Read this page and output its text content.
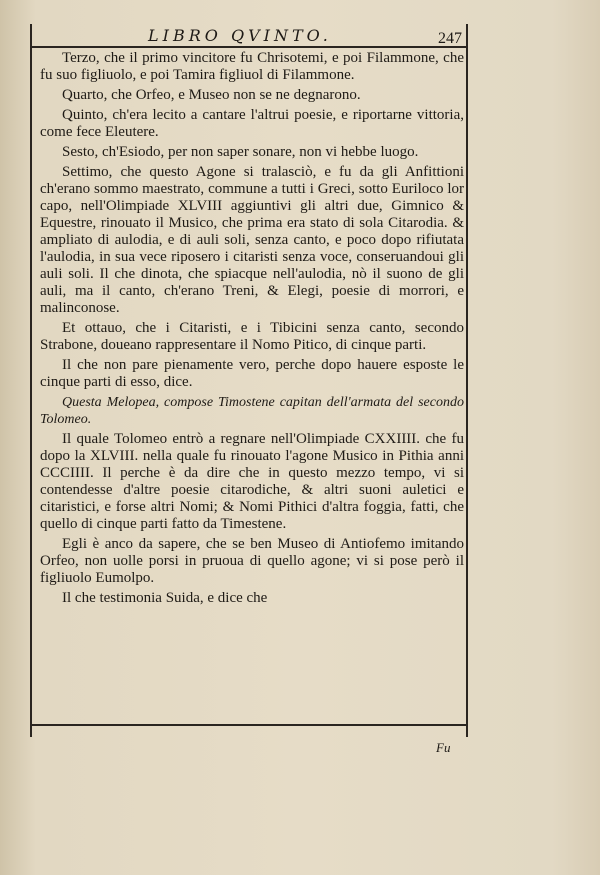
LIBRO QVINTO.	247

Terzo, che il primo vincitore fu Chrisotemi, e poi Filammone, che fu suo figliuolo, e poi Tamira figliuol di Filammone.

Quarto, che Orfeo, e Museo non se ne degnarono.

Quinto, ch'era lecito a cantare l'altrui poesie, e riportarne vittoria, come fece Eleutere.

Sesto, ch'Esiodo, per non saper sonare, non vi hebbe luogo.

Settimo, che questo Agone si tralasciò, e fu da gli Anfittioni ch'erano sommo maestrato, commune a tutti i Greci, sotto Euriloco lor capo, nell'Olimpiade XLVIII aggiuntivi gli altri due, Gimnico & Equestre, rinouato il Musico, che prima era stato di sola Citarodia. & ampliato di aulodia, e di auli soli, senza canto, e poco dopo rifiutata l'aulodia, in sua vece riposero i citaristi senza voce, conseruandoui gli auli soli. Il che dinota, che spiacque nell'aulodia, nò il suono de gli auli, ma il canto, ch'erano Treni, & Elegi, poesie di morrori, e malinconose.

Et ottauo, che i Citaristi, e i Tibicini senza canto, secondo Strabone, doueano rappresentare il Nomo Pitico, di cinque parti.

Il che non pare pienamente vero, perche dopo hauere esposte le cinque parti di esso, dice.

Questa Melopea, compose Timostene capitan dell'armata del secondo Tolomeo.

Il quale Tolomeo entrò a regnare nell'Olimpiade CXXIIII. che fu dopo la XLVIII. nella quale fu rinouato l'agone Musico in Pithia anni CCCIIII. Il perche è da dire che in questo mezzo tempo, vi si contendesse d'altre poesie citarodiche, & altri suoni auletici e citaristici, e forse altri Nomi; & Nomi Pithici d'altra foggia, fatti, che quello di cinque parti fatto da Timestene.

Egli è anco da sapere, che se ben Museo di Antiofemo imitando Orfeo, non uolle porsi in pruoua di quello agone; vi si pose però il figliuolo Eumolpo.

Il che testimonia Suida, e dice che

Fu
